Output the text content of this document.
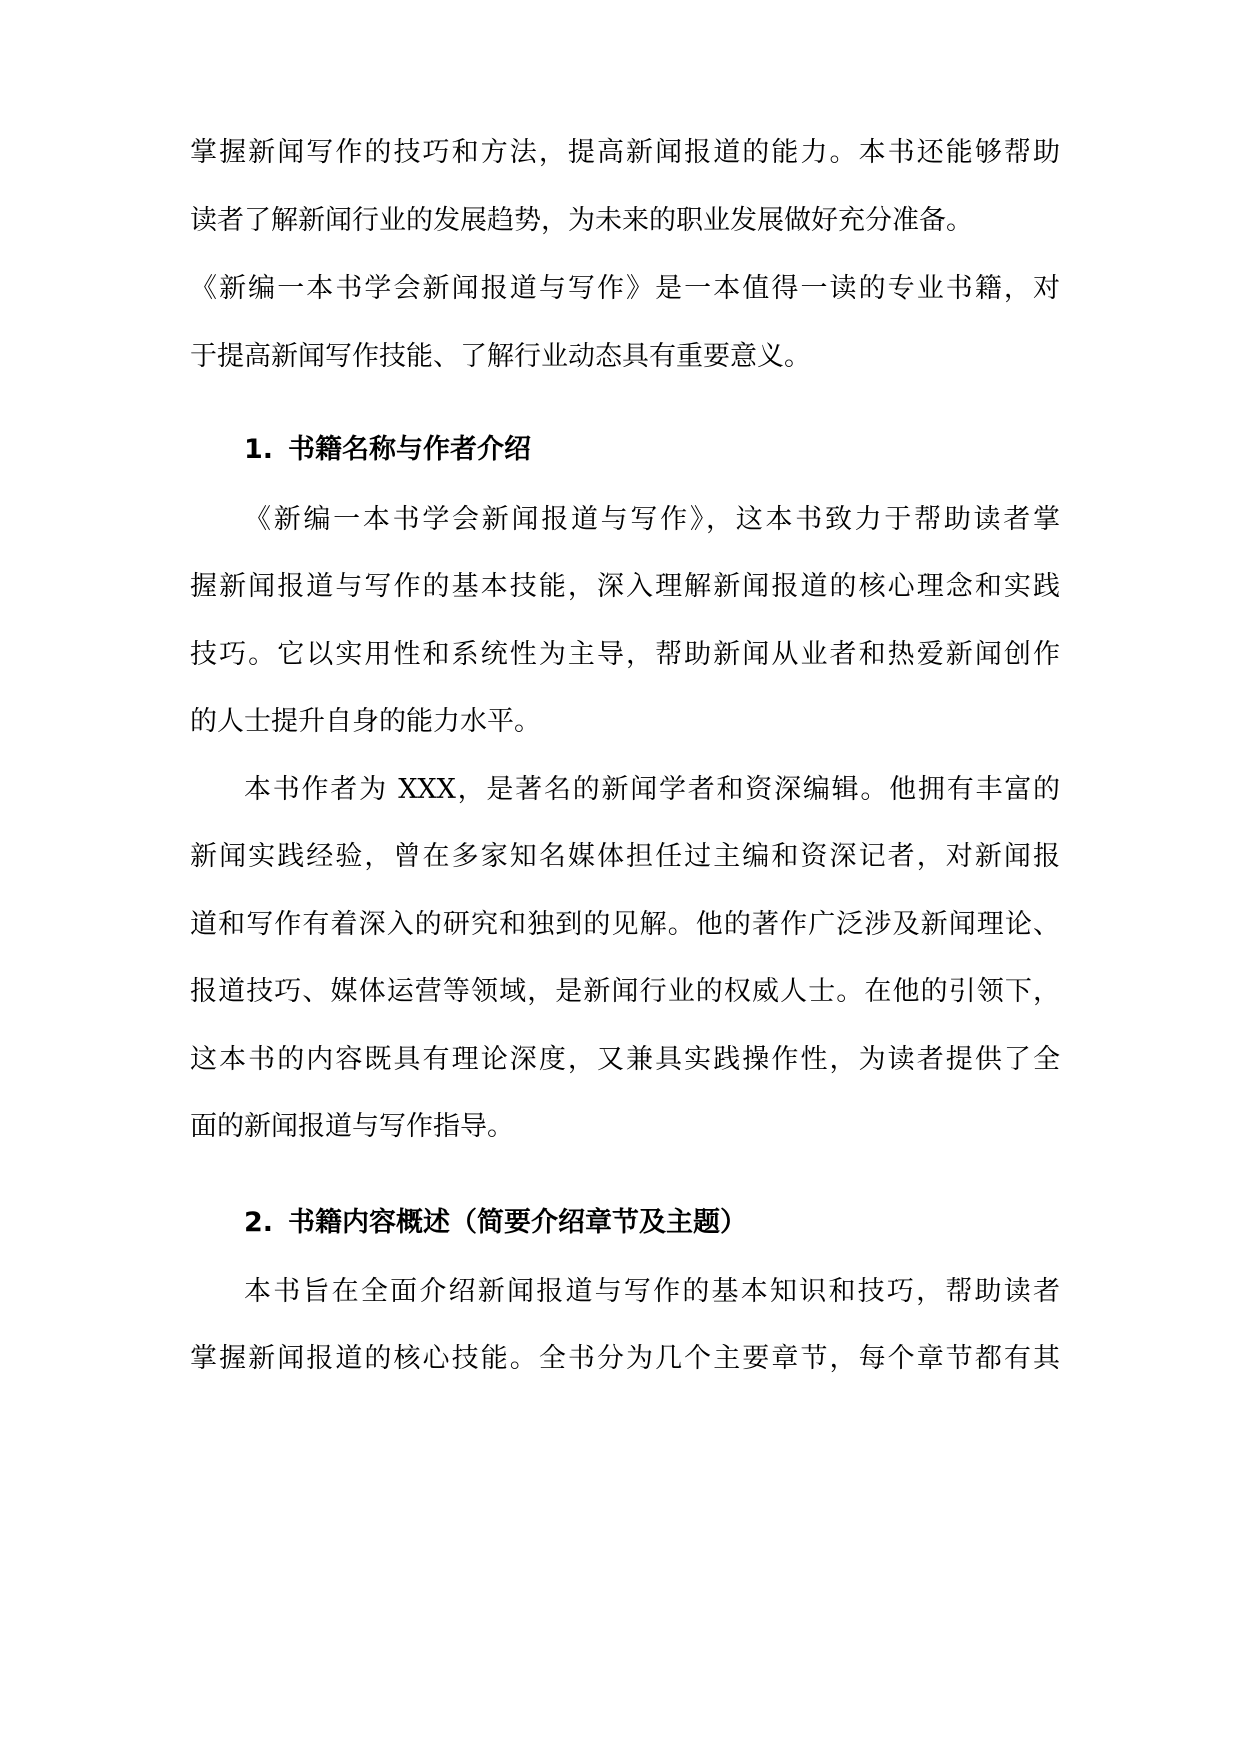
掌握新闻写作的技巧和方法，提高新闻报道的能力。本书还能够帮助
读者了解新闻行业的发展趋势，为未来的职业发展做好充分准备。
《新编一本书学会新闻报道与写作》是一本值得一读的专业书籍，对
于提高新闻写作技能、了解行业动态具有重要意义。
1. 书籍名称与作者介绍
《新编一本书学会新闻报道与写作》，这本书致力于帮助读者掌
握新闻报道与写作的基本技能，深入理解新闻报道的核心理念和实践
技巧。它以实用性和系统性为主导，帮助新闻从业者和热爱新闻创作
的人士提升自身的能力水平。
本书作者为 XXX，是著名的新闻学者和资深编辑。他拥有丰富的
新闻实践经验，曾在多家知名媒体担任过主编和资深记者，对新闻报
道和写作有着深入的研究和独到的见解。他的著作广泛涉及新闻理论、
报道技巧、媒体运营等领域，是新闻行业的权威人士。在他的引领下，
这本书的内容既具有理论深度，又兼具实践操作性，为读者提供了全
面的新闻报道与写作指导。
2. 书籍内容概述（简要介绍章节及主题）
本书旨在全面介绍新闻报道与写作的基本知识和技巧，帮助读者
掌握新闻报道的核心技能。全书分为几个主要章节，每个章节都有其
